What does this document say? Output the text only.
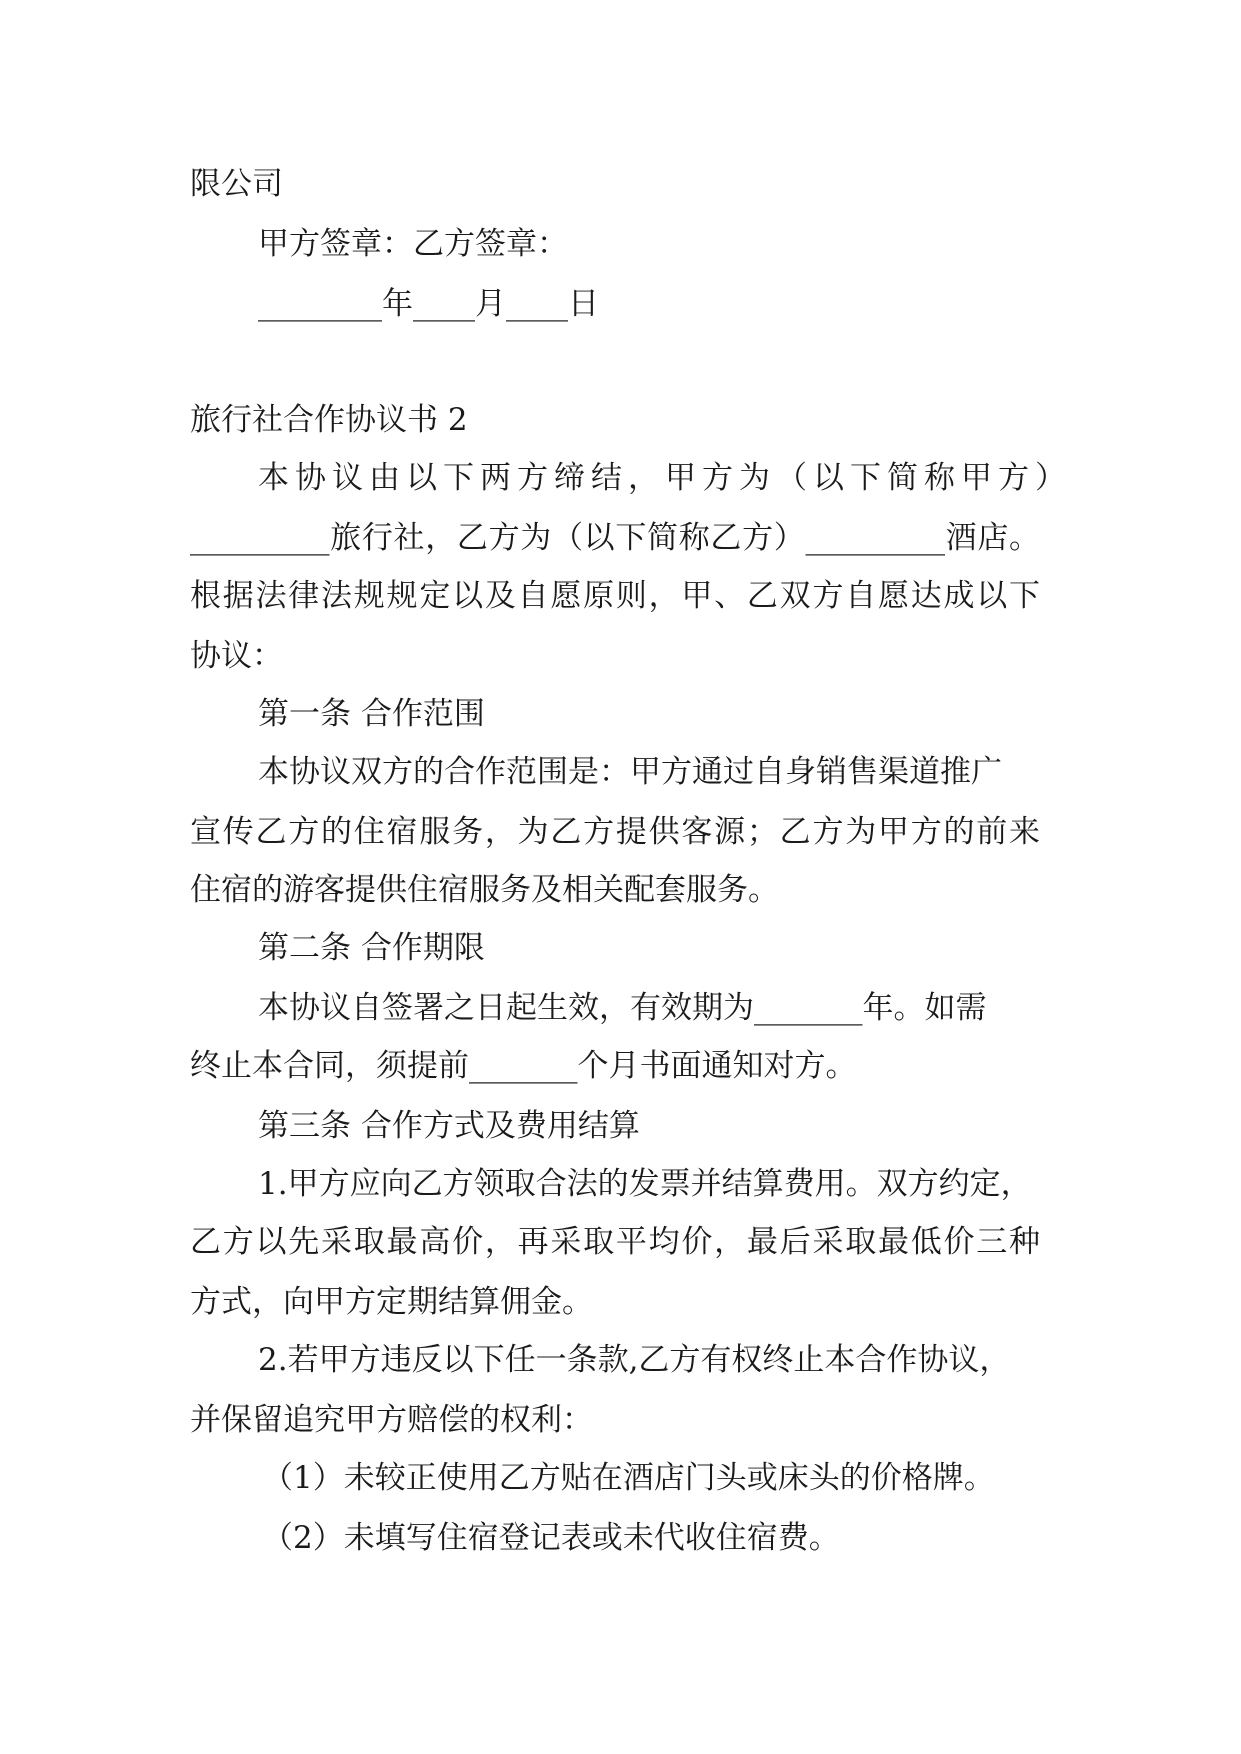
限公司
甲方签章：乙方签章：
________年____月____日
旅行社合作协议书 2
本协议由以下两方缔结，甲方为（以下简称甲方）
_________旅行社，乙方为（以下简称乙方）_________酒店。
根据法律法规规定以及自愿原则，甲、乙双方自愿达成以下
协议：
第一条 合作范围
本协议双方的合作范围是：甲方通过自身销售渠道推广
宣传乙方的住宿服务，为乙方提供客源；乙方为甲方的前来
住宿的游客提供住宿服务及相关配套服务。
第二条 合作期限
本协议自签署之日起生效，有效期为_______年。如需
终止本合同，须提前_______个月书面通知对方。
第三条 合作方式及费用结算
1.甲方应向乙方领取合法的发票并结算费用。双方约定，
乙方以先采取最高价，再采取平均价，最后采取最低价三种
方式，向甲方定期结算佣金。
2.若甲方违反以下任一条款,乙方有权终止本合作协议，
并保留追究甲方赔偿的权利：
（1）未较正使用乙方贴在酒店门头或床头的价格牌。
（2）未填写住宿登记表或未代收住宿费。
